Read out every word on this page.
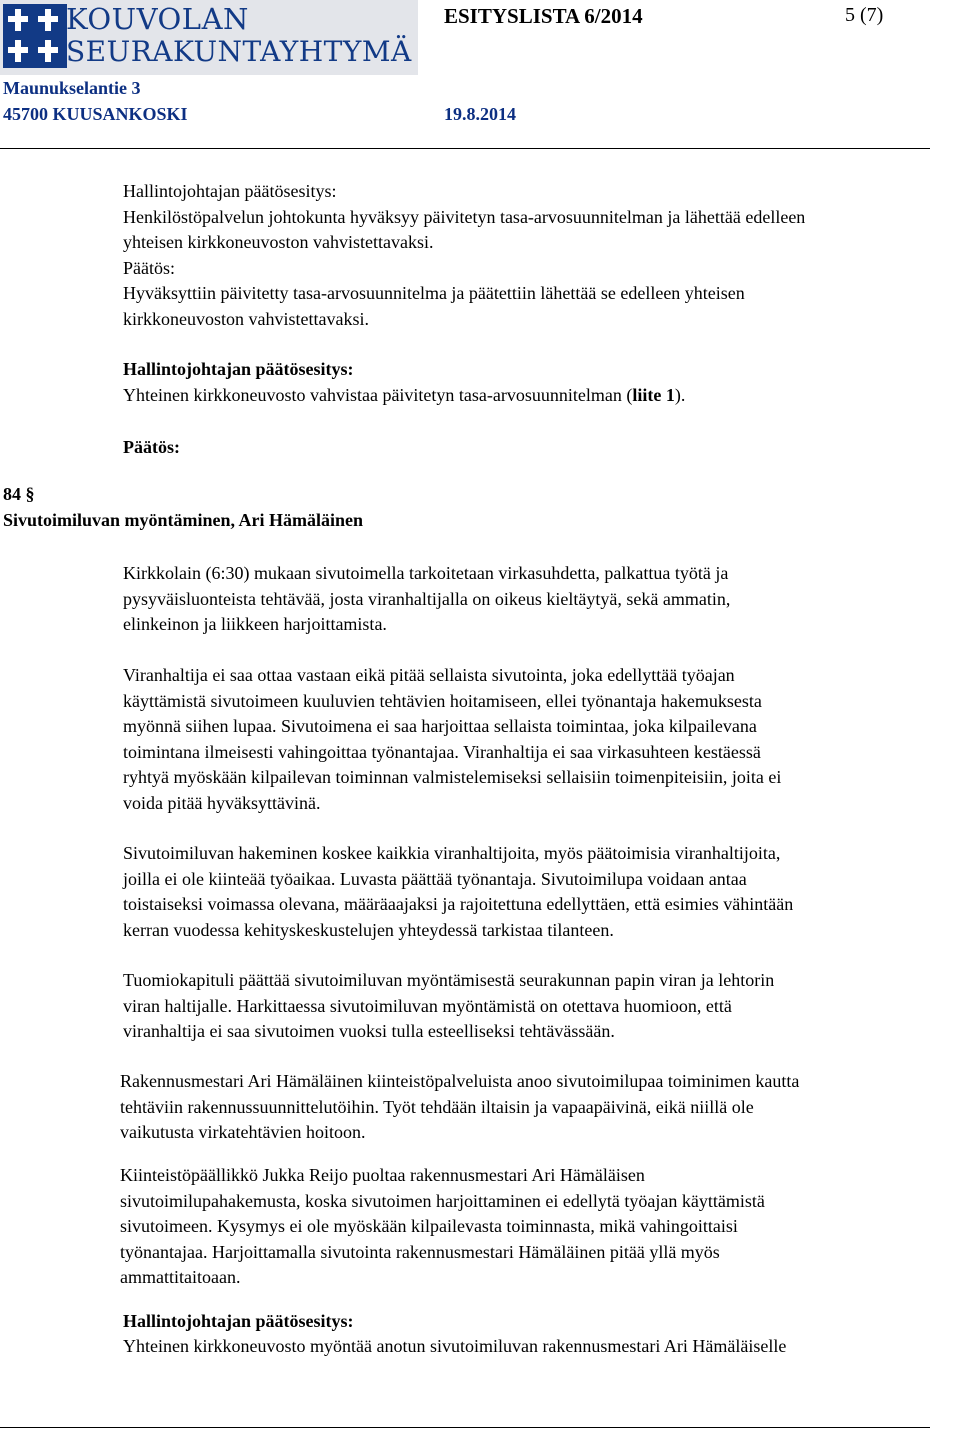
KOUVOLAN
SEURAKUNTAYHTYMÄ
ESITYSLISTA 6/2014	5 (7)
Maunukselantie 3
45700 KUUSANKOSKI	19.8.2014
Hallintojohtajan päätösesitys:
Henkilöstöpalvelun johtokunta hyväksyy päivitetyn tasa-arvosuunnitelman ja lähettää edelleen
yhteisen kirkkoneuvoston vahvistettavaksi.
Päätös:
Hyväksyttiin päivitetty tasa-arvosuunnitelma ja päätettiin lähettää se edelleen yhteisen
kirkkoneuvoston vahvistettavaksi.
Hallintojohtajan päätösesitys:
Yhteinen kirkkoneuvosto vahvistaa päivitetyn tasa-arvosuunnitelman (liite 1).
Päätös:
84 §
Sivutoimiluvan myöntäminen, Ari Hämäläinen
Kirkkolain (6:30) mukaan sivutoimella tarkoitetaan virkasuhdetta, palkattua työtä ja
pysyväisluonteista tehtävää, josta viranhaltijalla on oikeus kieltäytyä, sekä ammatin,
elinkeinon ja liikkeen harjoittamista.
Viranhaltija ei saa ottaa vastaan eikä pitää sellaista sivutointa, joka edellyttää työajan
käyttämistä sivutoimeen kuuluvien tehtävien hoitamiseen, ellei työnantaja hakemuksesta
myönnä siihen lupaa. Sivutoimena ei saa harjoittaa sellaista toimintaa, joka kilpailevana
toimintana ilmeisesti vahingoittaa työnantajaa. Viranhaltija ei saa virkasuhteen kestäessä
ryhtyä myöskään kilpailevan toiminnan valmistelemiseksi sellaisiin toimenpiteisiin, joita ei
voida pitää hyväksyttävinä.
Sivutoimiluvan hakeminen koskee kaikkia viranhaltijoita, myös päätoimisia viranhaltijoita,
joilla ei ole kiinteää työaikaa. Luvasta päättää työnantaja. Sivutoimilupa voidaan antaa
toistaiseksi voimassa olevana, määräaajaksi ja rajoitettuna edellyttäen, että esimies vähintään
kerran vuodessa kehityskeskustelujen yhteydessä tarkistaa tilanteen.
Tuomiokapituli päättää sivutoimiluvan myöntämisestä seurakunnan papin viran ja lehtorin
viran haltijalle. Harkittaessa sivutoimiluvan myöntämistä on otettava huomioon, että
viranhaltija ei saa sivutoimen vuoksi tulla esteelliseksi tehtävässään.
Rakennusmestari Ari Hämäläinen kiinteistöpalveluista anoo sivutoimilupaa toiminimen kautta
tehtäviin rakennussuunnittelutöihin. Työt tehdään iltaisin ja vapaapäivinä, eikä niillä ole
vaikutusta virkatehtävien hoitoon.
Kiinteistöpäällikkö Jukka Reijo puoltaa rakennusmestari Ari Hämäläisen
sivutoimilupahakemusta, koska sivutoimen harjoittaminen ei edellytä työajan käyttämistä
sivutoimeen. Kysymys ei ole myöskään kilpailevasta toiminnasta, mikä vahingoittaisi
työnantajaa. Harjoittamalla sivutointa rakennusmestari Hämäläinen pitää yllä myös
ammattitaitoaan.
Hallintojohtajan päätösesitys:
Yhteinen kirkkoneuvosto myöntää anotun sivutoimiluvan rakennusmestari Ari Hämäläiselle
